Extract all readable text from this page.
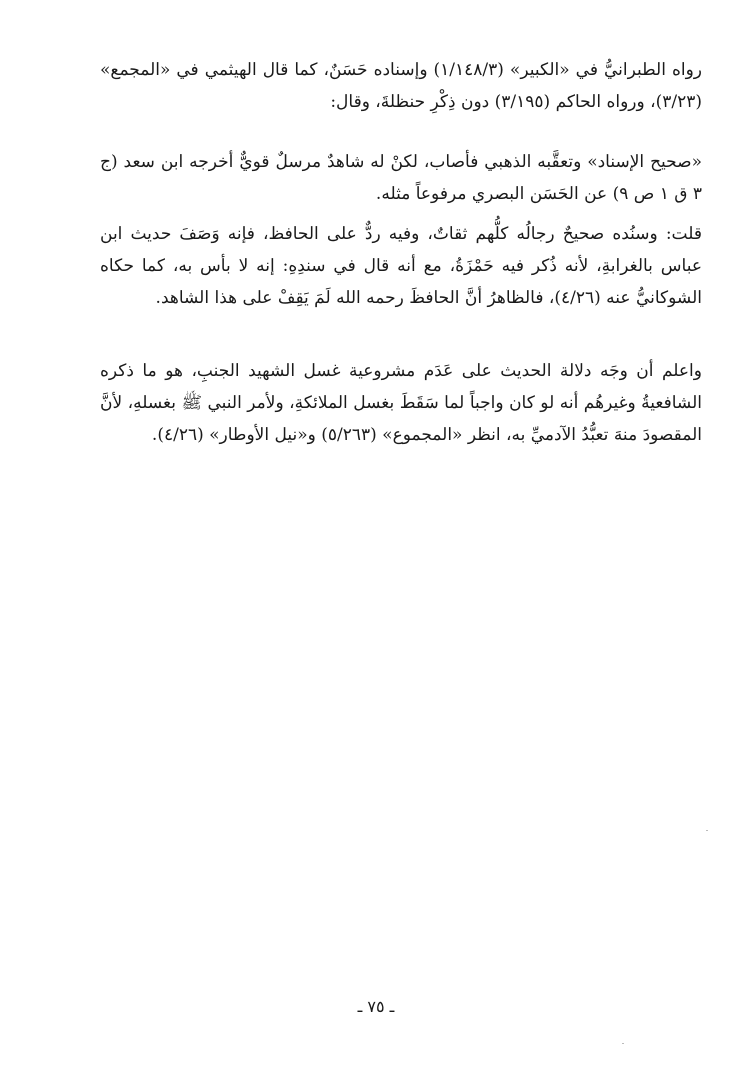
رواه الطبرانيُّ في «الكبير» (١/١٤٨/٣) وإسناده حَسَنٌ، كما قال الهيثمي في «المجمع» (٣/٢٣)، ورواه الحاكم (٣/١٩٥) دون ذِكْرِ حنظلةَ، وقال:

«صحيح الإسناد» وتعقَّبه الذهبي فأصاب، لكنْ له شاهدٌ مرسلٌ قويٌّ أخرجه ابن سعد (ج ٣ ق ١ ص ٩) عن الحَسَن البصري مرفوعاً مثله.

قلت: وسنُده صحيحٌ رجالُه كلُّهم ثقاتٌ، وفيه ردٌّ على الحافظ، فإنه وَصَفَ حديث ابن عباس بالغرابةِ، لأنه ذُكر فيه حَمْزَةُ، مع أنه قال في سندِهِ: إنه لا بأس به، كما حكاه الشوكانيُّ عنه (٤/٢٦)، فالظاهرُ أنَّ الحافظَ رحمه الله لَمَ يَقِفْ على هذا الشاهد.

واعلم أن وجَه دلالة الحديث على عَدَم مشروعية غسل الشهيد الجنبِ، هو ما ذكره الشافعيةُ وغيرهُم أنه لو كان واجباً لما سَقَطَ بغسل الملائكةِ، ولأمر النبي ﷺ بغسلهِ، لأنَّ المقصودَ منهَ تعبُّدُ الآدميِّ به، انظر «المجموع» (٥/٢٦٣) و«نيل الأوطار» (٤/٢٦).

ـ ٧٥ ـ
